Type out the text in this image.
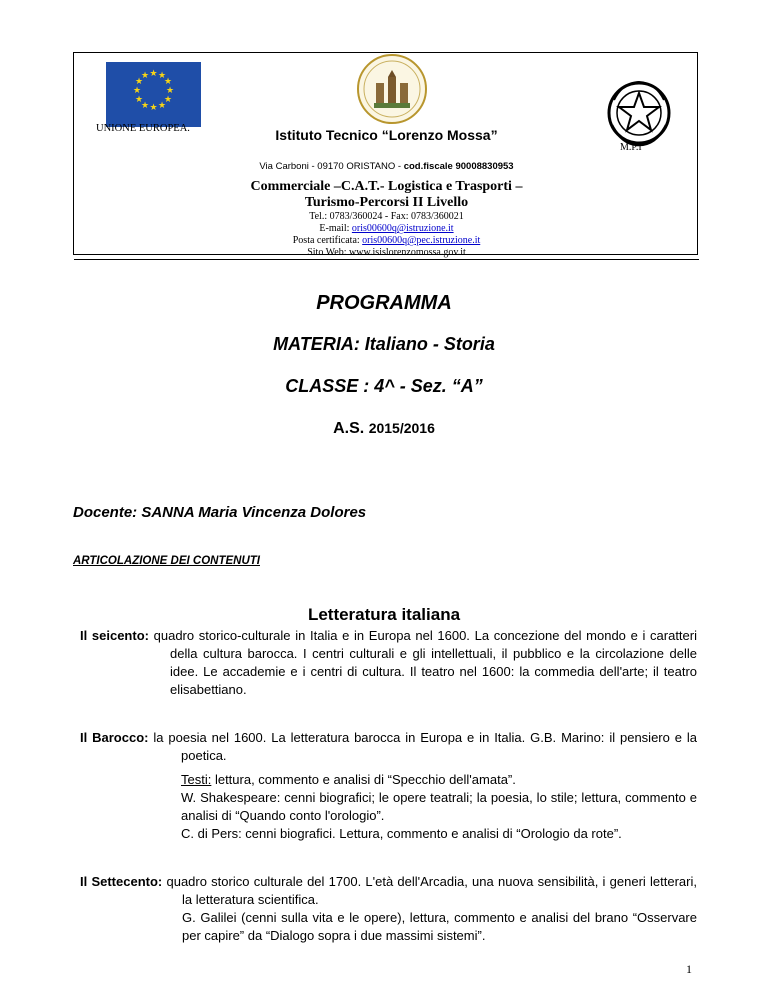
★ ★
★
★
★
★
★
★
★
★
★
★
UNIONE EUROPEA.
M.P.I
Istituto Tecnico “Lorenzo Mossa”
Via Carboni - 09170 ORISTANO - cod.fiscale 90008830953
Commerciale –C.A.T.- Logistica e Trasporti –
Turismo-Percorsi II Livello
Tel.: 0783/360024 - Fax: 0783/360021
E-mail: oris00600q@istruzione.it
Posta certificata: oris00600q@pec.istruzione.it
Sito Web: www.isislorenzomossa.gov.it
PROGRAMMA
MATERIA: Italiano - Storia
CLASSE : 4^ - Sez. “A”
A.S. 2015/2016
Docente: SANNA Maria Vincenza Dolores
ARTICOLAZIONE DEI CONTENUTI
Letteratura italiana
Il seicento: quadro storico-culturale in Italia e in Europa nel 1600. La concezione del mondo e i caratteri della cultura barocca. I centri culturali e gli intellettuali, il pubblico e la circolazione delle idee. Le accademie e i centri di cultura. Il teatro nel 1600: la commedia dell'arte; il teatro elisabettiano.
Il Barocco: la poesia nel 1600. La letteratura barocca in Europa e in Italia. G.B. Marino: il pensiero e la poetica.
Testi: lettura, commento e analisi di “Specchio dell'amata”.
W. Shakespeare: cenni biografici; le opere teatrali; la poesia, lo stile; lettura, commento e analisi di “Quando conto l'orologio”.
C. di Pers: cenni biografici. Lettura, commento e analisi di “Orologio da rote”.
Il Settecento: quadro storico culturale del 1700. L'età dell'Arcadia, una nuova sensibilità, i generi letterari, la letteratura scientifica.
G. Galilei (cenni sulla vita e le opere), lettura, commento e analisi del brano “Osservare per capire” da “Dialogo sopra i due massimi sistemi”.
1
